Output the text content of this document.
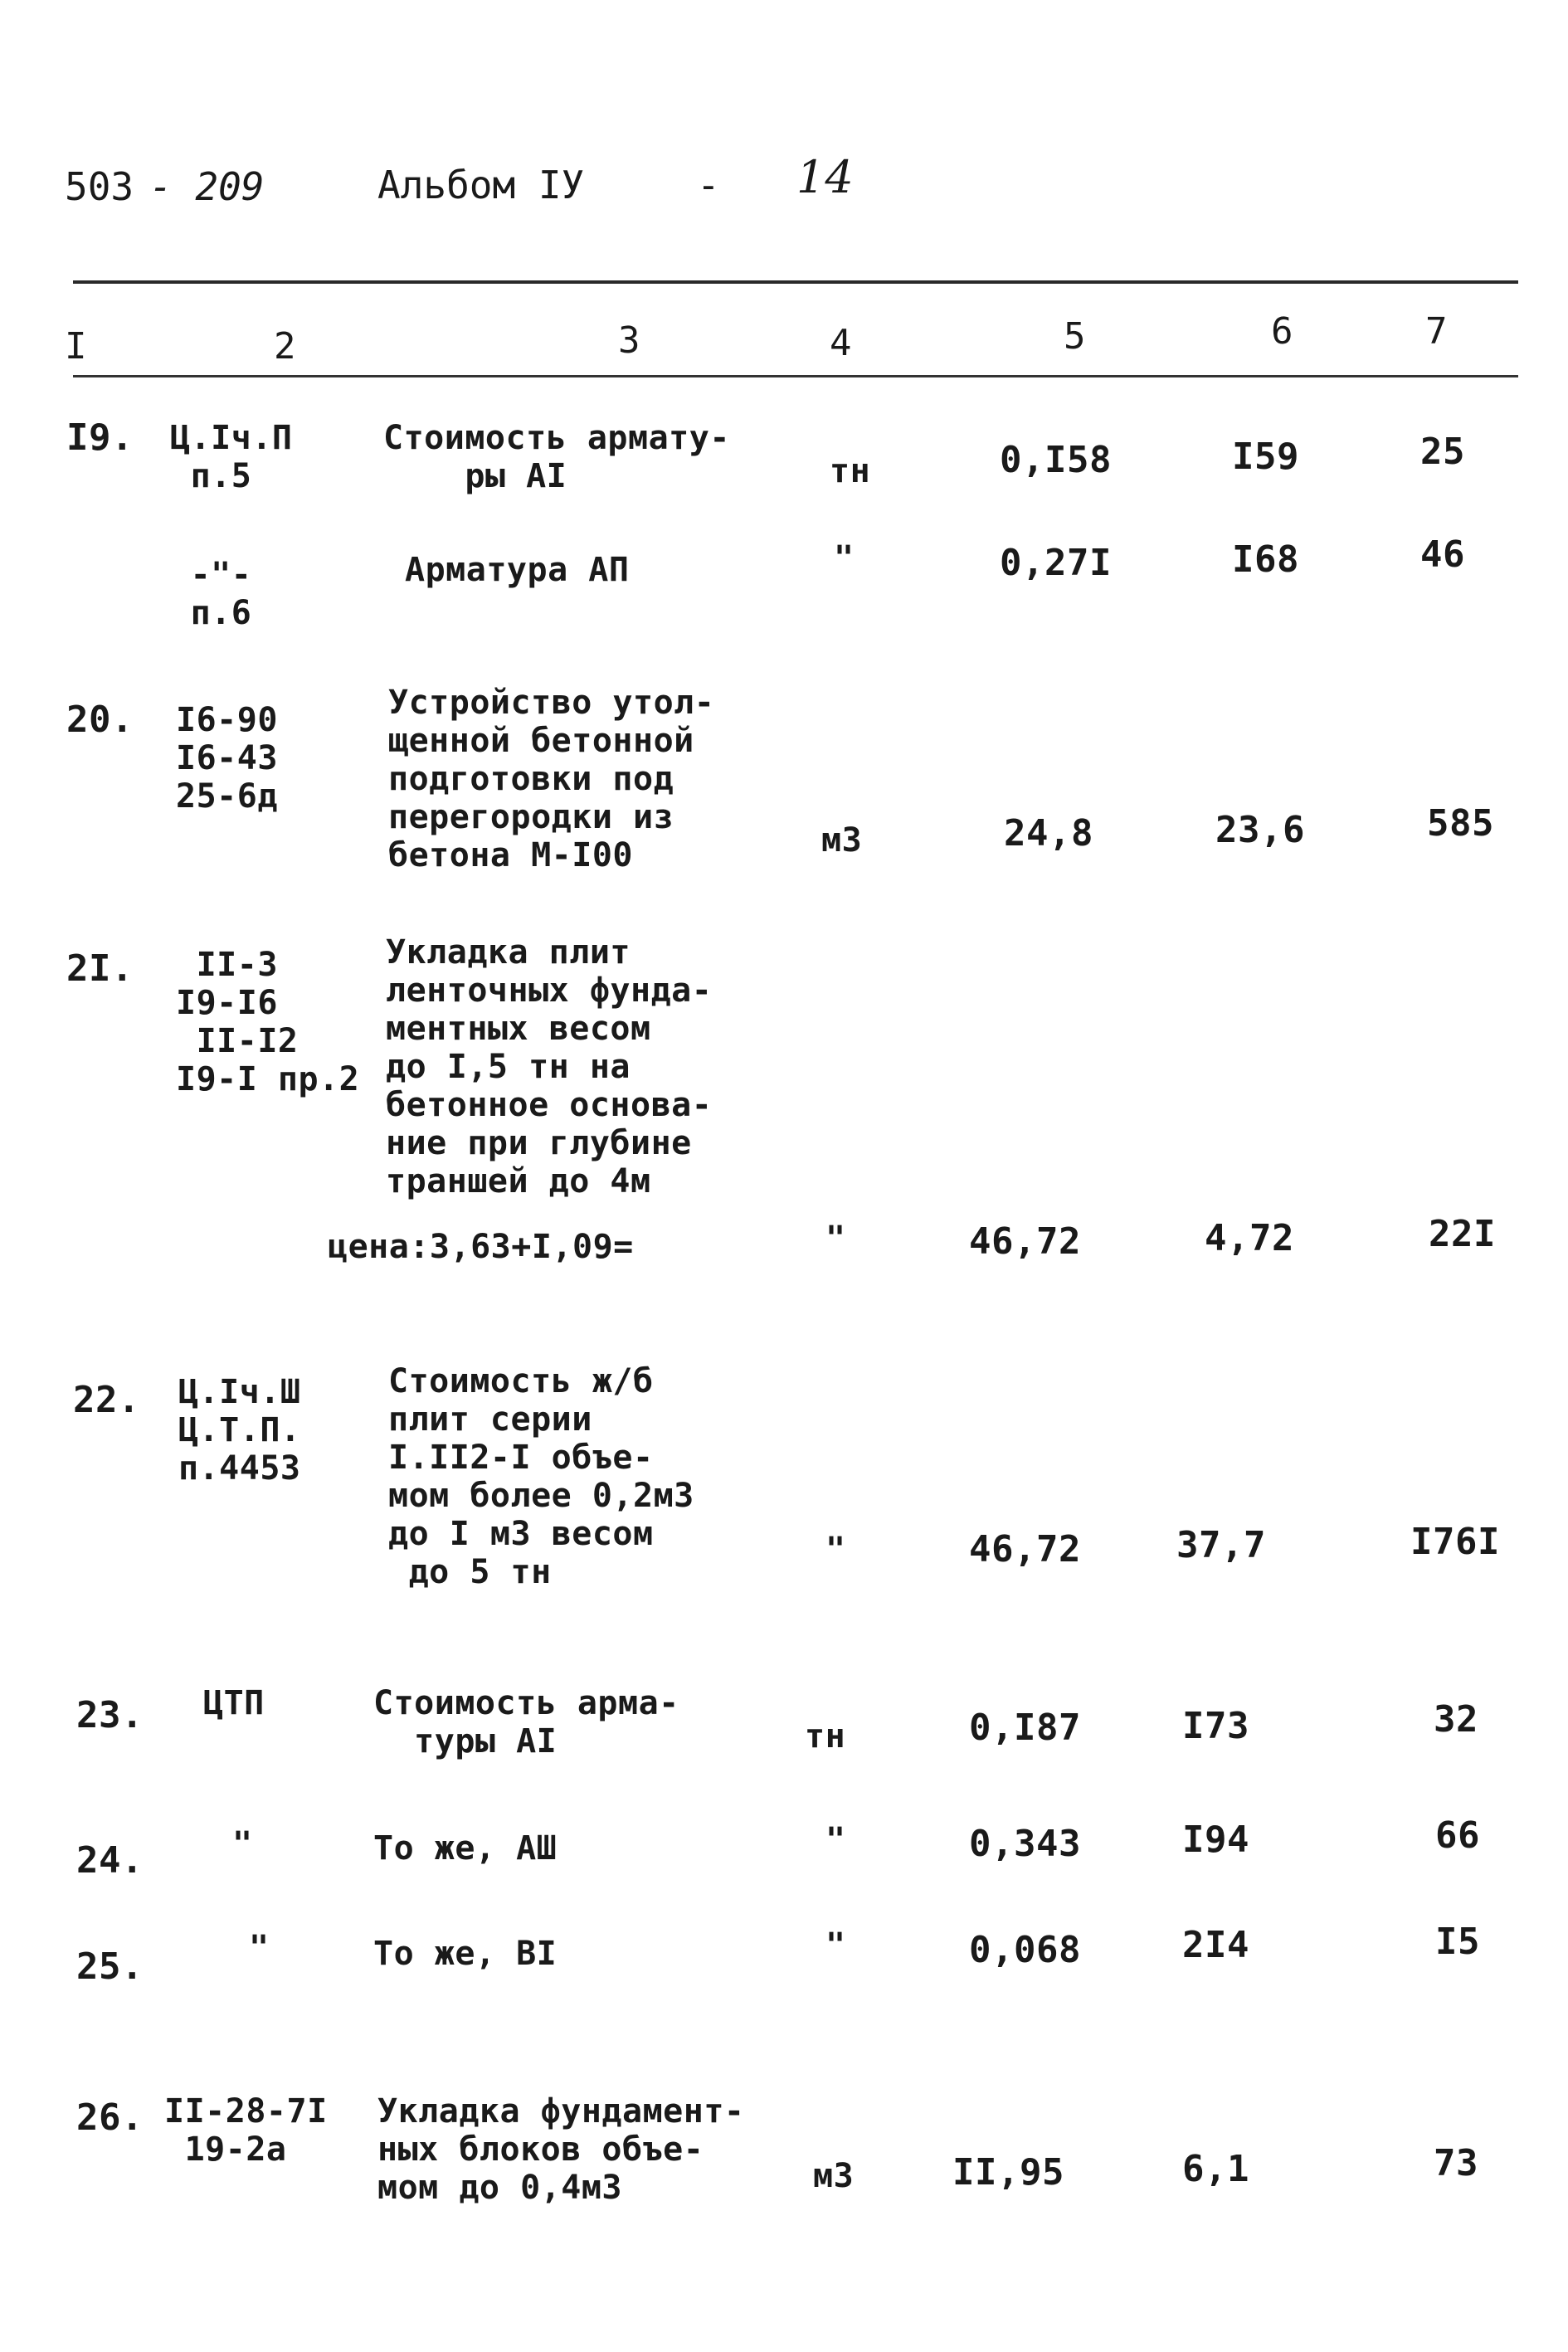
503 - 209	Альбом IУ	- 14
I	2	3	4	5	6	7
I9. Ц.Iч.П
п.5
Стоимость армату-
ры АI	тн	0,I58	I59	25
-"-
п.6
Арматура АП	"	0,27I	I68	46
20. I6-90
I6-43
25-6д
Устройство утол-
щенной бетонной
подготовки под
перегородки из
бетона М-I00	м3	24,8	23,6	585
2I.	II-3
I9-I6
II-I2
I9-I пр.2
Укладка плит
ленточных фунда-
ментных весом
до I,5 тн на
бетонное основа-
ние при глубине
траншей до 4м
цена:3,63+I,09=	"	46,72	4,72	22I
22. Ц.Iч.Ш
Ц.Т.П.
п.4453
Стоимость ж/б
плит серии
I.II2-I объе-
мом более 0,2м3
до I м3 весом
до 5 тн
"	46,72	37,7	I76I
23. ЦТП	Стоимость арма-
туры АI	тн	0,I87	I73	32
24.	"	То же, АШ	"	0,343	I94	66
25.	"	То же, ВI	"	0,068	2I4	I5
26. II-28-7I
19-2а
Укладка фундамент-
ных блоков объе-
мом до 0,4м3	м3	II,95	6,1	73
